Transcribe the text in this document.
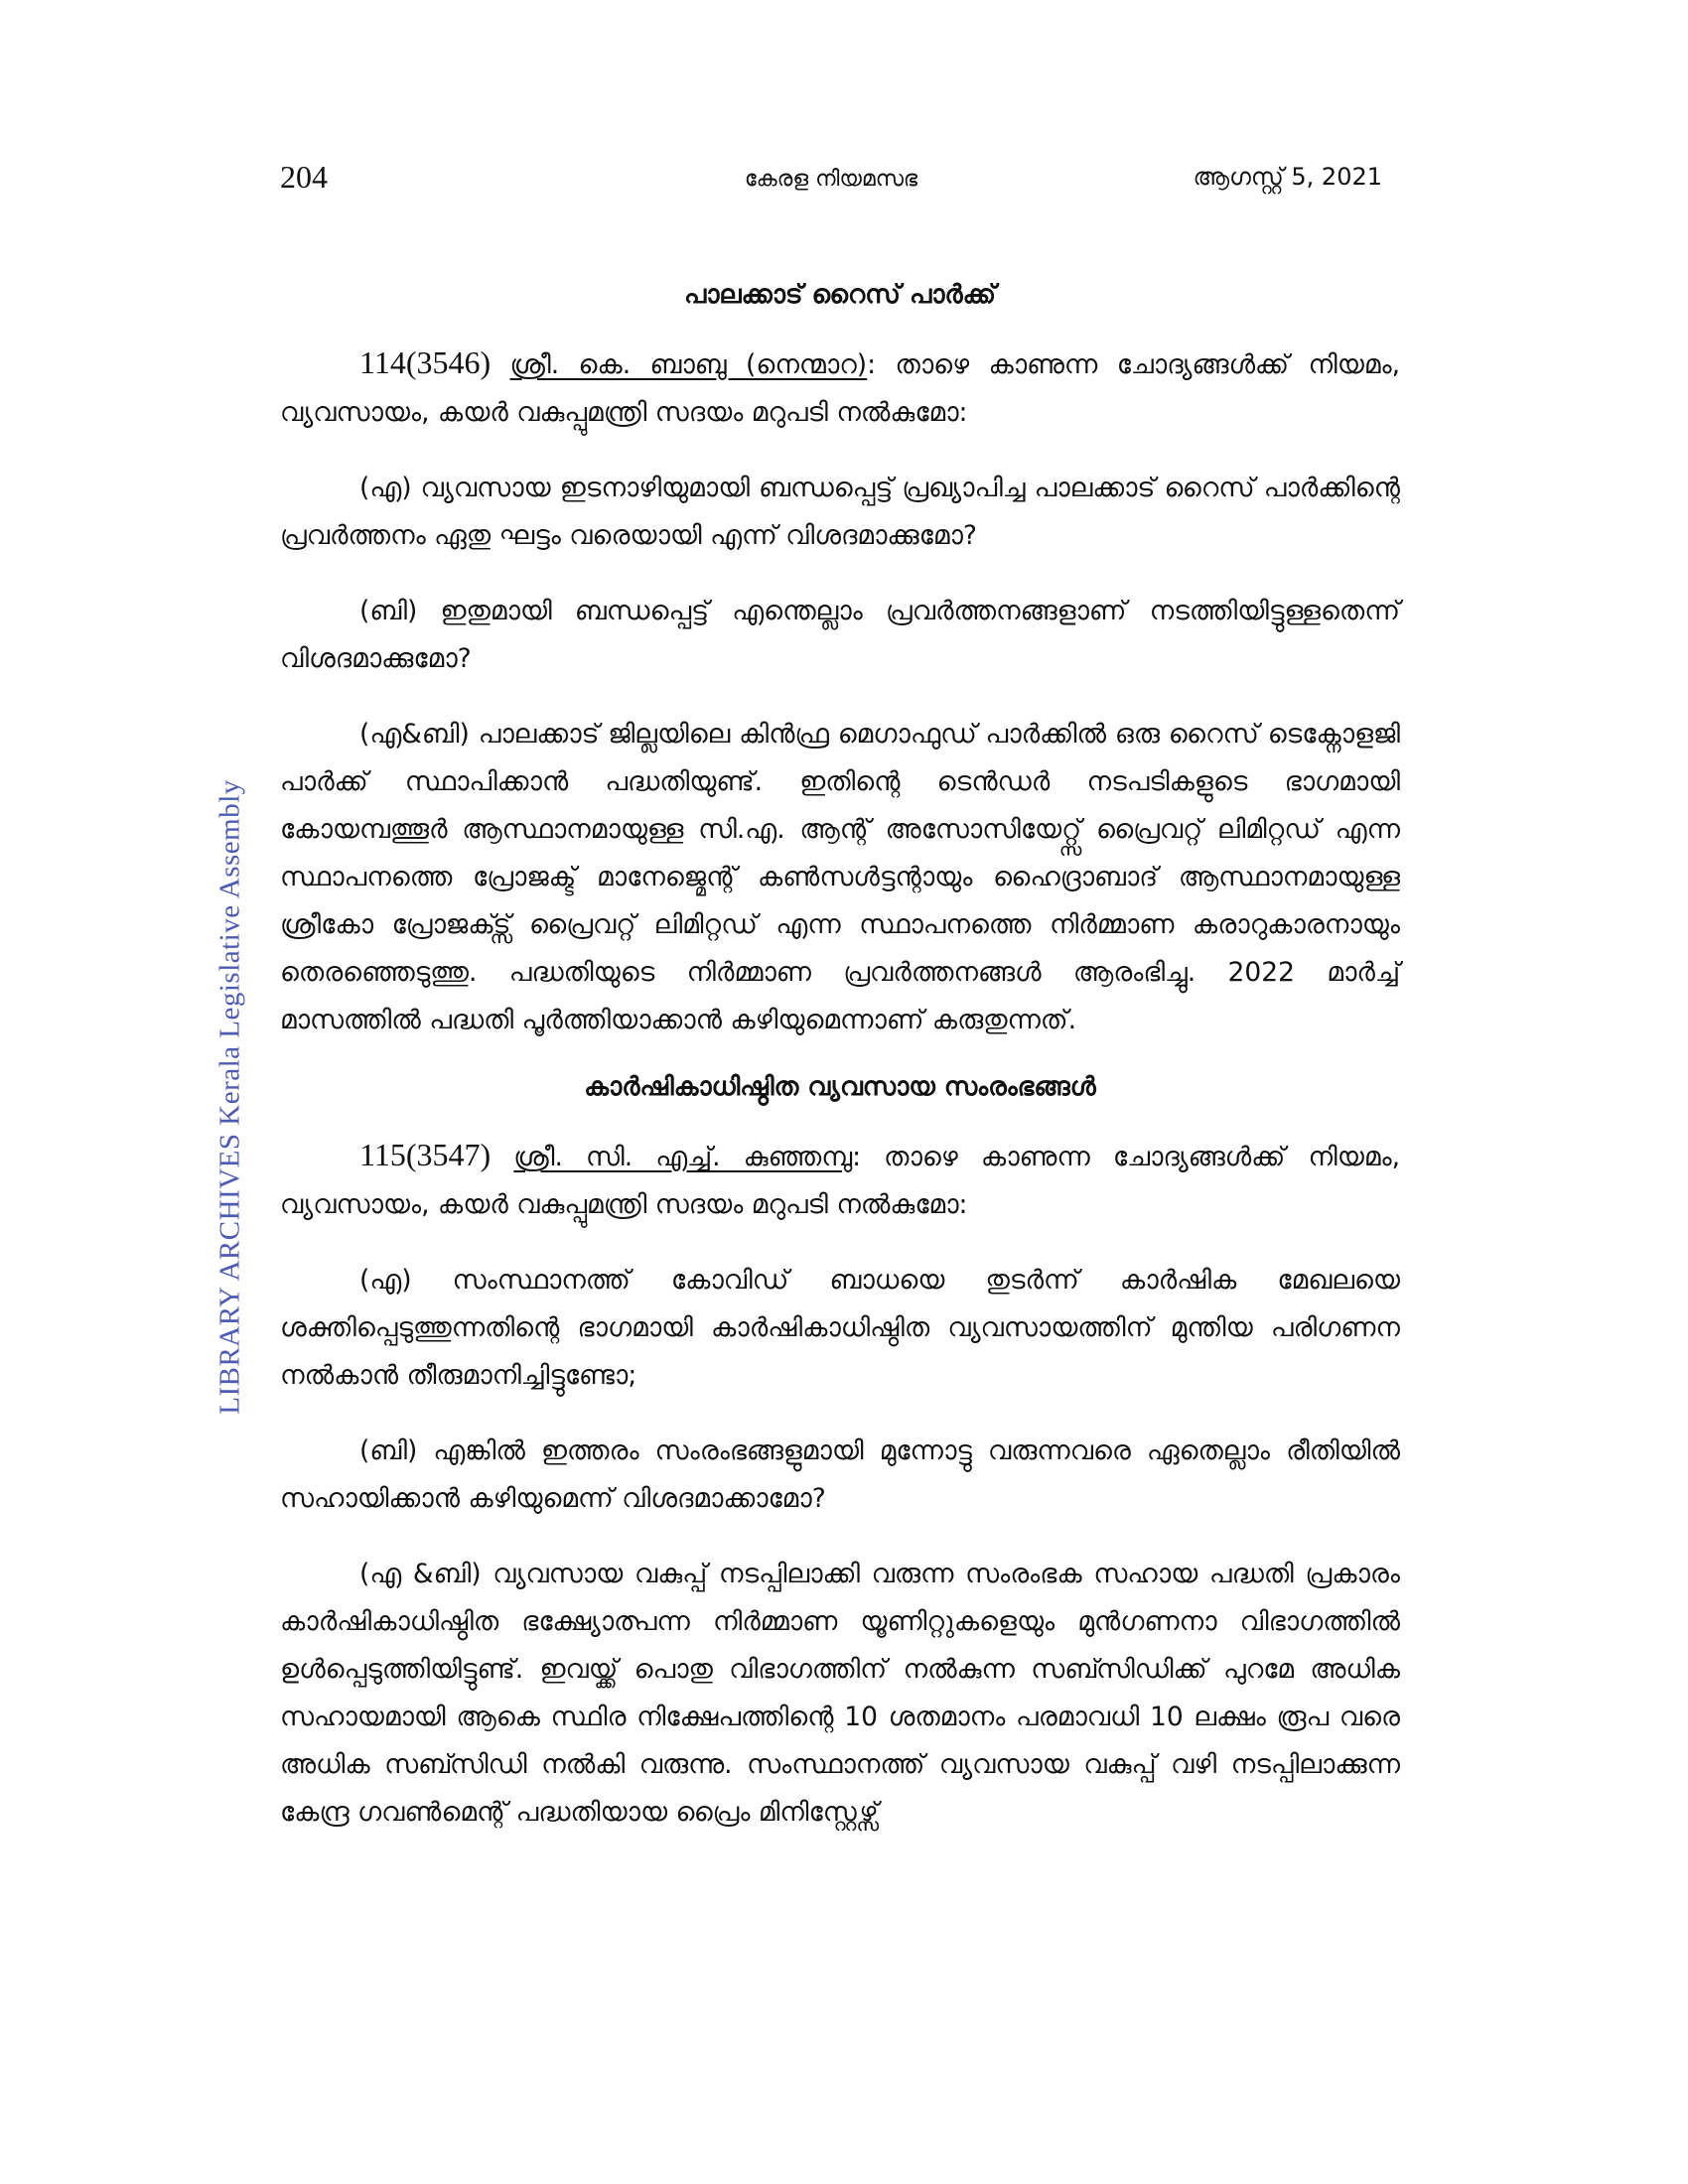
204	കേരള നിയമസഭ	ആഗസ്റ്റ് 5, 2021
LIBRARY ARCHIVES Kerala Legislative Assembly
പാലക്കാട് റൈസ് പാർക്ക്

114(3546) ശ്രീ. കെ. ബാബു (നെന്മാറ): താഴെ കാണുന്ന ചോദ്യങ്ങൾക്ക് നിയമം, വ്യവസായം, കയർ വകുപ്പുമന്ത്രി സദയം മറുപടി നൽകുമോ:

(എ) വ്യവസായ ഇടനാഴിയുമായി ബന്ധപ്പെട്ട് പ്രഖ്യാപിച്ച പാലക്കാട് റൈസ് പാർക്കിന്റെ പ്രവർത്തനം ഏതു ഘട്ടം വരെയായി എന്ന് വിശദമാക്കുമോ?

(ബി) ഇതുമായി ബന്ധപ്പെട്ട് എന്തെല്ലാം പ്രവർത്തനങ്ങളാണ് നടത്തിയിട്ടുള്ളതെന്ന് വിശദമാക്കുമോ?

(എ&ബി) പാലക്കാട് ജില്ലയിലെ കിൻഫ്ര മെഗാഫുഡ് പാർക്കിൽ ഒരു റൈസ് ടെക്നോളജി പാർക്ക് സ്ഥാപിക്കാൻ പദ്ധതിയുണ്ട്. ഇതിന്റെ ടെൻഡർ നടപടികളുടെ ഭാഗമായി കോയമ്പത്തൂർ ആസ്ഥാനമായുള്ള സി.എ. ആന്റ് അസോസിയേറ്റ്സ് പ്രൈവറ്റ് ലിമിറ്റഡ് എന്ന സ്ഥാപനത്തെ പ്രോജക്ട് മാനേജ്മെന്റ് കൺസൾട്ടന്റായും ഹൈദ്രാബാദ് ആസ്ഥാനമായുള്ള ശ്രീകോ പ്രോജക്ട്സ് പ്രൈവറ്റ് ലിമിറ്റഡ് എന്ന സ്ഥാപനത്തെ നിർമ്മാണ കരാറുകാരനായും തെരഞ്ഞെടുത്തു. പദ്ധതിയുടെ നിർമ്മാണ പ്രവർത്തനങ്ങൾ ആരംഭിച്ചു. 2022 മാർച്ച് മാസത്തിൽ പദ്ധതി പൂർത്തിയാക്കാൻ കഴിയുമെന്നാണ് കരുതുന്നത്.

കാർഷികാധിഷ്ഠിത വ്യവസായ സംരംഭങ്ങൾ

115(3547) ശ്രീ. സി. എച്ച്. കുഞ്ഞമ്പു: താഴെ കാണുന്ന ചോദ്യങ്ങൾക്ക് നിയമം, വ്യവസായം, കയർ വകുപ്പുമന്ത്രി സദയം മറുപടി നൽകുമോ:

(എ) സംസ്ഥാനത്ത് കോവിഡ് ബാധയെ തുടർന്ന് കാർഷിക മേഖലയെ ശക്തിപ്പെടുത്തുന്നതിന്റെ ഭാഗമായി കാർഷികാധിഷ്ഠിത വ്യവസായത്തിന് മുന്തിയ പരിഗണന നൽകാൻ തീരുമാനിച്ചിട്ടുണ്ടോ;

(ബി) എങ്കിൽ ഇത്തരം സംരംഭങ്ങളുമായി മുന്നോട്ടു വരുന്നവരെ ഏതെല്ലാം രീതിയിൽ സഹായിക്കാൻ കഴിയുമെന്ന് വിശദമാക്കാമോ?

(എ &ബി) വ്യവസായ വകുപ്പ് നടപ്പിലാക്കി വരുന്ന സംരംഭക സഹായ പദ്ധതി പ്രകാരം കാർഷികാധിഷ്ഠിത ഭക്ഷ്യോത്പന്ന നിർമ്മാണ യൂണിറ്റുകളെയും മുൻഗണനാ വിഭാഗത്തിൽ ഉൾപ്പെടുത്തിയിട്ടുണ്ട്. ഇവയ്ക്ക് പൊതു വിഭാഗത്തിന് നൽകുന്ന സബ്സിഡിക്ക് പുറമേ അധിക സഹായമായി ആകെ സ്ഥിര നിക്ഷേപത്തിന്റെ 10 ശതമാനം പരമാവധി 10 ലക്ഷം രൂപ വരെ അധിക സബ്സിഡി നൽകി വരുന്നു. സംസ്ഥാനത്ത് വ്യവസായ വകുപ്പ് വഴി നടപ്പിലാക്കുന്ന കേന്ദ്ര ഗവൺമെന്റ് പദ്ധതിയായ പ്രൈം മിനിസ്റ്റേഴ്സ്
